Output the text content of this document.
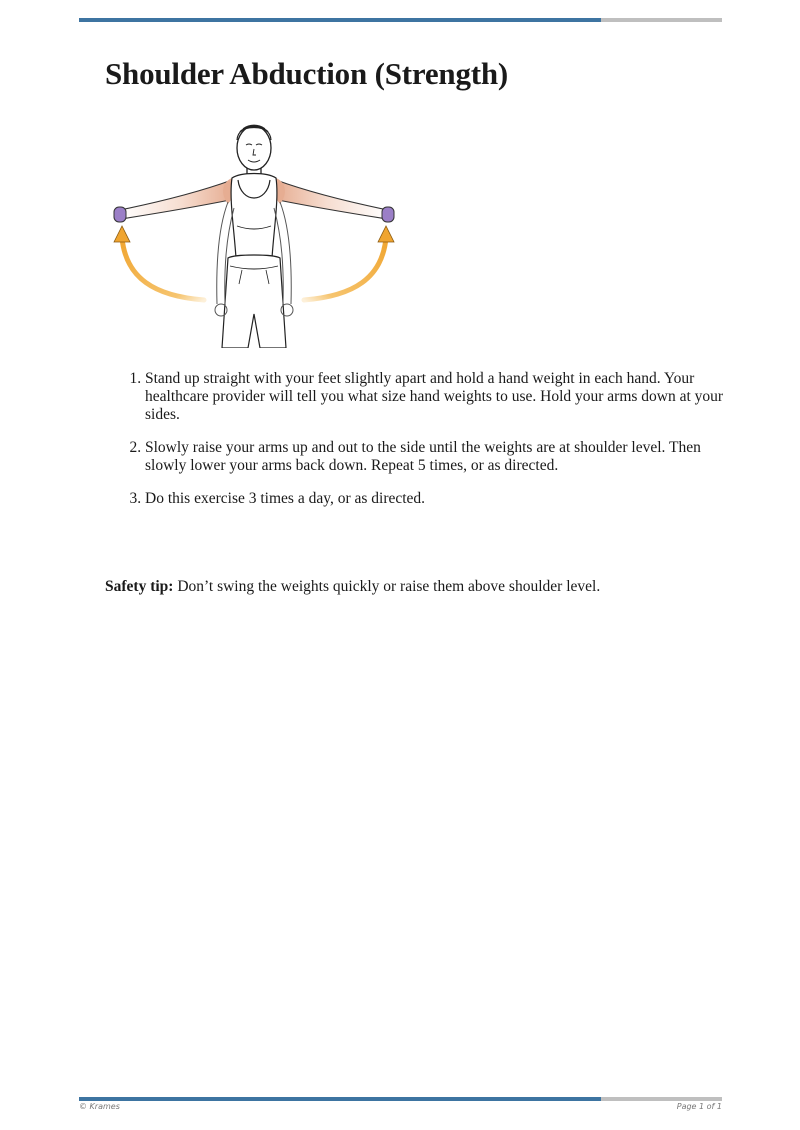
Shoulder Abduction (Strength)
1. Stand up straight with your feet slightly apart and hold a hand weight in each hand. Your healthcare provider will tell you what size hand weights to use. Hold your arms down at your sides.
2. Slowly raise your arms up and out to the side until the weights are at shoulder level. Then slowly lower your arms back down. Repeat 5 times, or as directed.
3. Do this exercise 3 times a day, or as directed.

Safety tip: Don’t swing the weights quickly or raise them above shoulder level.

© Krames	Page 1 of 1
